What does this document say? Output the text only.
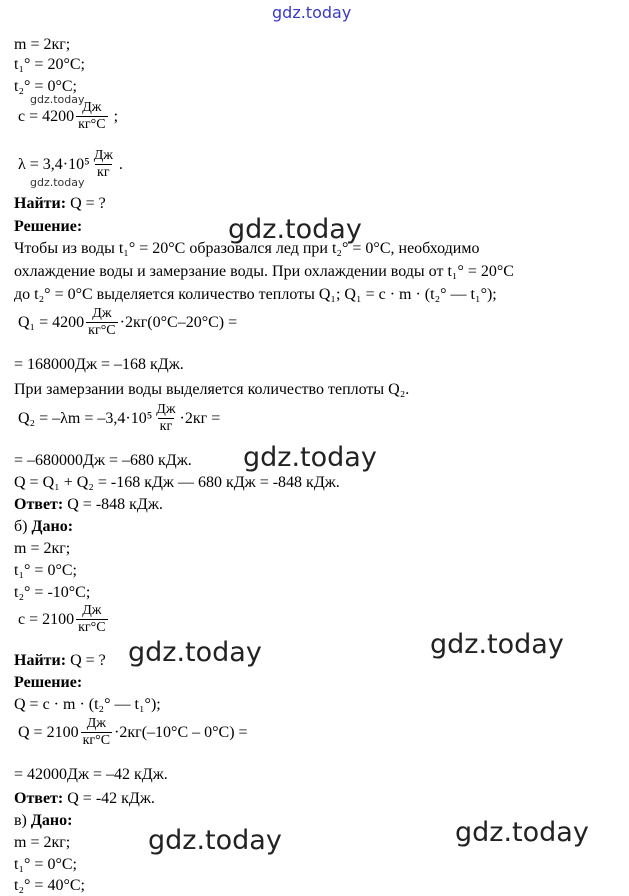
gdz.today
gdz.today
gdz.today
gdz.today
gdz.today
gdz.today	gdz.today
gdz.today	gdz.today
m = 2кг;
t₁° = 20°C;
t₂° = 0°C;
$c = 4200 \frac{Дж}{кг^\circ C}$ ;
$\lambda = 3,4\cdot 10^5 \frac{Дж}{кг}$ .
Найти: Q = ?
Решение:
Чтобы из воды t₁° = 20°C образовался лед при t₂° = 0°C, необходимо
охлаждение воды и замерзание воды. При охлаждении воды от t₁° = 20°C
до t₂° = 0°C выделяется количество теплоты Q₁; Q₁ = c · m · (t₂° — t₁°);
$Q_1 = 4200 \frac{Дж}{кг^\circ C} \cdot 2кг(0^\circ C-20^\circ C)$ =
= 168000Дж = –168 кДж.
При замерзании воды выделяется количество теплоты Q₂.
$Q_2 = -\lambda m = -3,4\cdot 10^5 \frac{Дж}{кг} \cdot 2кг$ =
= –680000Дж = –680 кДж.
Q = Q₁ + Q₂ = -168 кДж — 680 кДж = -848 кДж.
Ответ: Q = -848 кДж.
б) Дано:
m = 2кг;
t₁° = 0°C;
t₂° = -10°C;
$c = 2100 \frac{Дж}{кг^\circ C}$
Найти: Q = ?
Решение:
Q = c · m · (t₂° — t₁°);
$Q = 2100 \frac{Дж}{кг^\circ C} \cdot 2кг(-10^\circ C - 0^\circ C)$ =
= 42000Дж = –42 кДж.
Ответ: Q = -42 кДж.
в) Дано:
m = 2кг;
t₁° = 0°C;
t₂° = 40°C;
